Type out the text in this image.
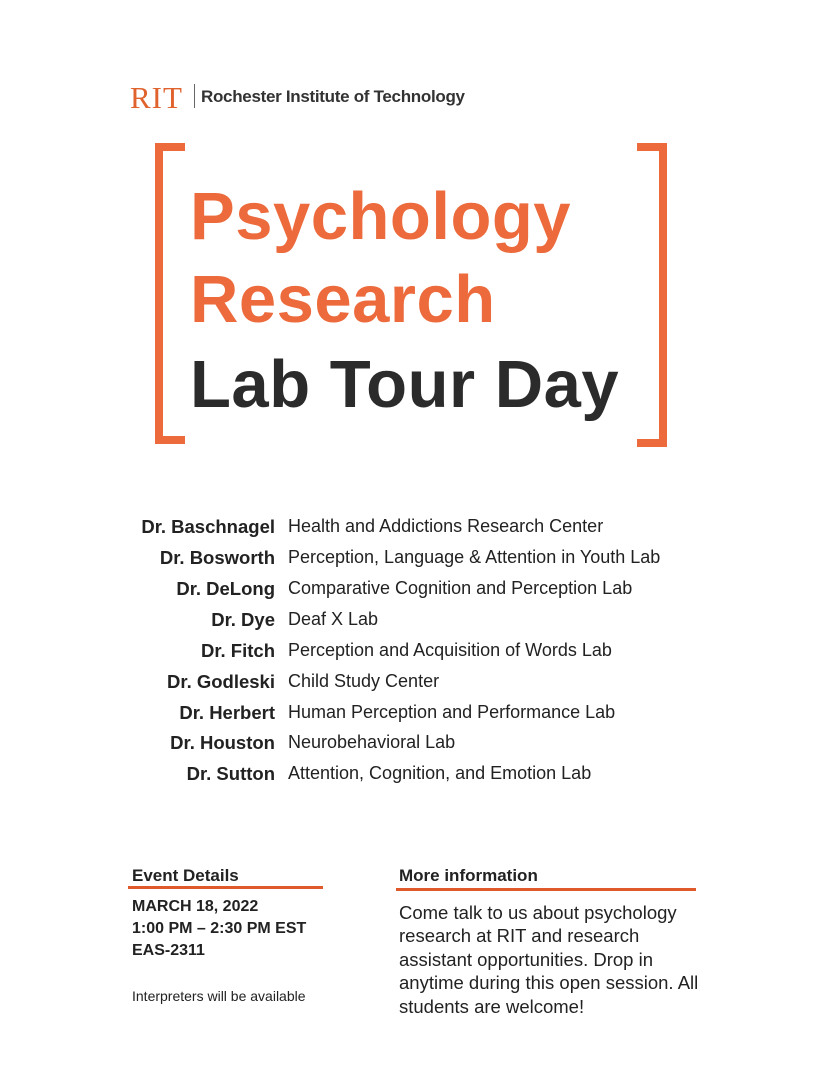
RIT Rochester Institute of Technology
Psychology
Research
Lab Tour Day
Dr. Baschnagel Health and Addictions Research Center
Dr. Bosworth Perception, Language & Attention in Youth Lab
Dr. DeLong Comparative Cognition and Perception Lab
Dr. Dye Deaf X Lab
Dr. Fitch Perception and Acquisition of Words Lab
Dr. Godleski Child Study Center
Dr. Herbert Human Perception and Performance Lab
Dr. Houston Neurobehavioral Lab
Dr. Sutton Attention, Cognition, and Emotion Lab
Event Details
MARCH 18, 2022
1:00 PM – 2:30 PM EST
EAS-2311
Interpreters will be available
More information
Come talk to us about psychology research at RIT and research assistant opportunities. Drop in anytime during this open session. All students are welcome!
